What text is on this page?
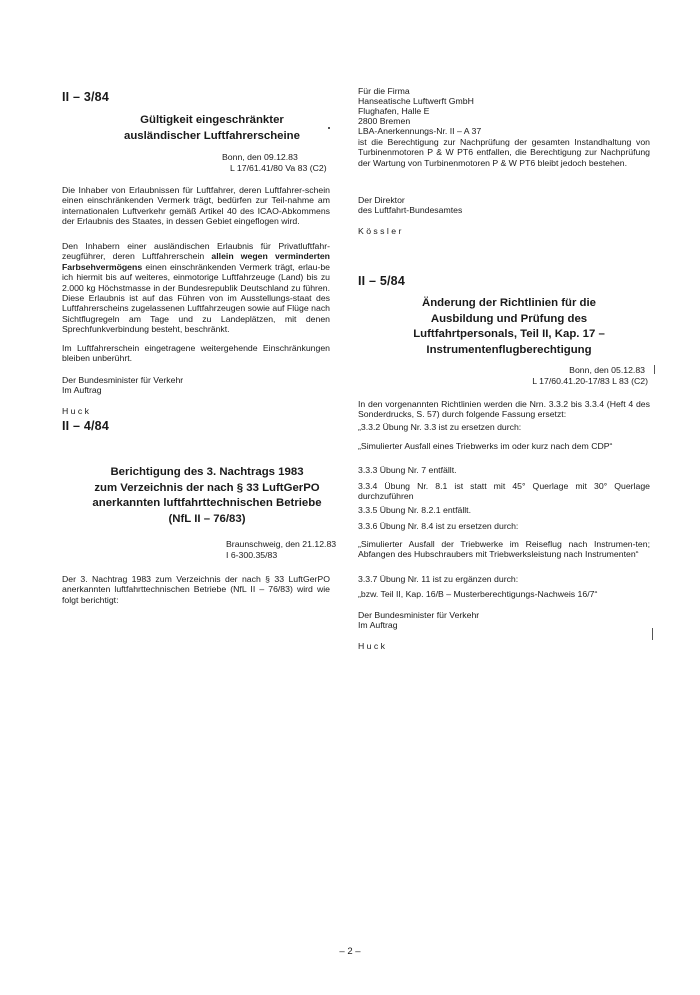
II – 3/84

Gültigkeit eingeschränkter
ausländischer Luftfahrerscheine

Bonn, den 09.12.83

L 17/61.41/80 Va 83 (C2)

Die Inhaber von Erlaubnissen für Luftfahrer, deren Luftfahrer-schein einen einschränkenden Vermerk trägt, bedürfen zur Teil-nahme am internationalen Luftverkehr gemäß Artikel 40 des ICAO-Abkommens der Erlaubnis des Staates, in dessen Gebiet eingeflogen wird.

Den Inhabern einer ausländischen Erlaubnis für Privatluftfahr-zeugführer, deren Luftfahrerschein allein wegen verminderten Farbsehvermögens einen einschränkenden Vermerk trägt, erlau-be ich hiermit bis auf weiteres, einmotorige Luftfahrzeuge (Land) bis zu 2.000 kg Höchstmasse in der Bundesrepublik Deutschland zu führen. Diese Erlaubnis ist auf das Führen von im Ausstellungs-staat des Luftfahrerscheins zugelassenen Luftfahrzeugen sowie auf Flüge nach Sichtflugregeln am Tage und zu Landeplätzen, mit denen Sprechfunkverbindung besteht, beschränkt.

Im Luftfahrerschein eingetragene weitergehende Einschränkungen bleiben unberührt.

Der Bundesminister für Verkehr

Im Auftrag

Huck

II – 4/84

Berichtigung des 3. Nachtrags 1983
zum Verzeichnis der nach § 33 LuftGerPO
anerkannten luftfahrttechnischen Betriebe
(NfL II – 76/83)

Braunschweig, den 21.12.83

I 6-300.35/83

Der 3. Nachtrag 1983 zum Verzeichnis der nach § 33 LuftGerPO anerkannten luftfahrttechnischen Betriebe (NfL II – 76/83) wird wie folgt berichtigt:

Für die Firma

Hanseatische Luftwerft GmbH

Flughafen, Halle E

2800 Bremen

LBA-Anerkennungs-Nr. II – A 37

ist die Berechtigung zur Nachprüfung der gesamten Instandhaltung von Turbinenmotoren P & W PT6 entfallen, die Berechtigung zur Nachprüfung der Wartung von Turbinenmotoren P & W PT6 bleibt jedoch bestehen.

Der Direktor

des Luftfahrt-Bundesamtes

Kössler

II – 5/84

Änderung der Richtlinien für die
Ausbildung und Prüfung des
Luftfahrtpersonals, Teil II, Kap. 17 –
Instrumentenflugberechtigung

Bonn, den 05.12.83

L 17/60.41.20-17/83 L 83 (C2)

In den vorgenannten Richtlinien werden die Nrn. 3.3.2 bis 3.3.4 (Heft 4 des Sonderdrucks, S. 57) durch folgende Fassung ersetzt:

„3.3.2 Übung Nr. 3.3 ist zu ersetzen durch:

„Simulierter Ausfall eines Triebwerks im oder kurz nach dem CDP“

3.3.3 Übung Nr. 7 entfällt.

3.3.4 Übung Nr. 8.1 ist statt mit 45° Querlage mit 30° Querlage durchzuführen

3.3.5 Übung Nr. 8.2.1 entfällt.

3.3.6 Übung Nr. 8.4 ist zu ersetzen durch:

„Simulierter Ausfall der Triebwerke im Reiseflug nach Instrumen-ten; Abfangen des Hubschraubers mit Triebwerksleistung nach Instrumenten“

3.3.7 Übung Nr. 11 ist zu ergänzen durch:

„bzw. Teil II, Kap. 16/B – Musterberechtigungs-Nachweis 16/7“

Der Bundesminister für Verkehr

Im Auftrag

Huck

– 2 –
